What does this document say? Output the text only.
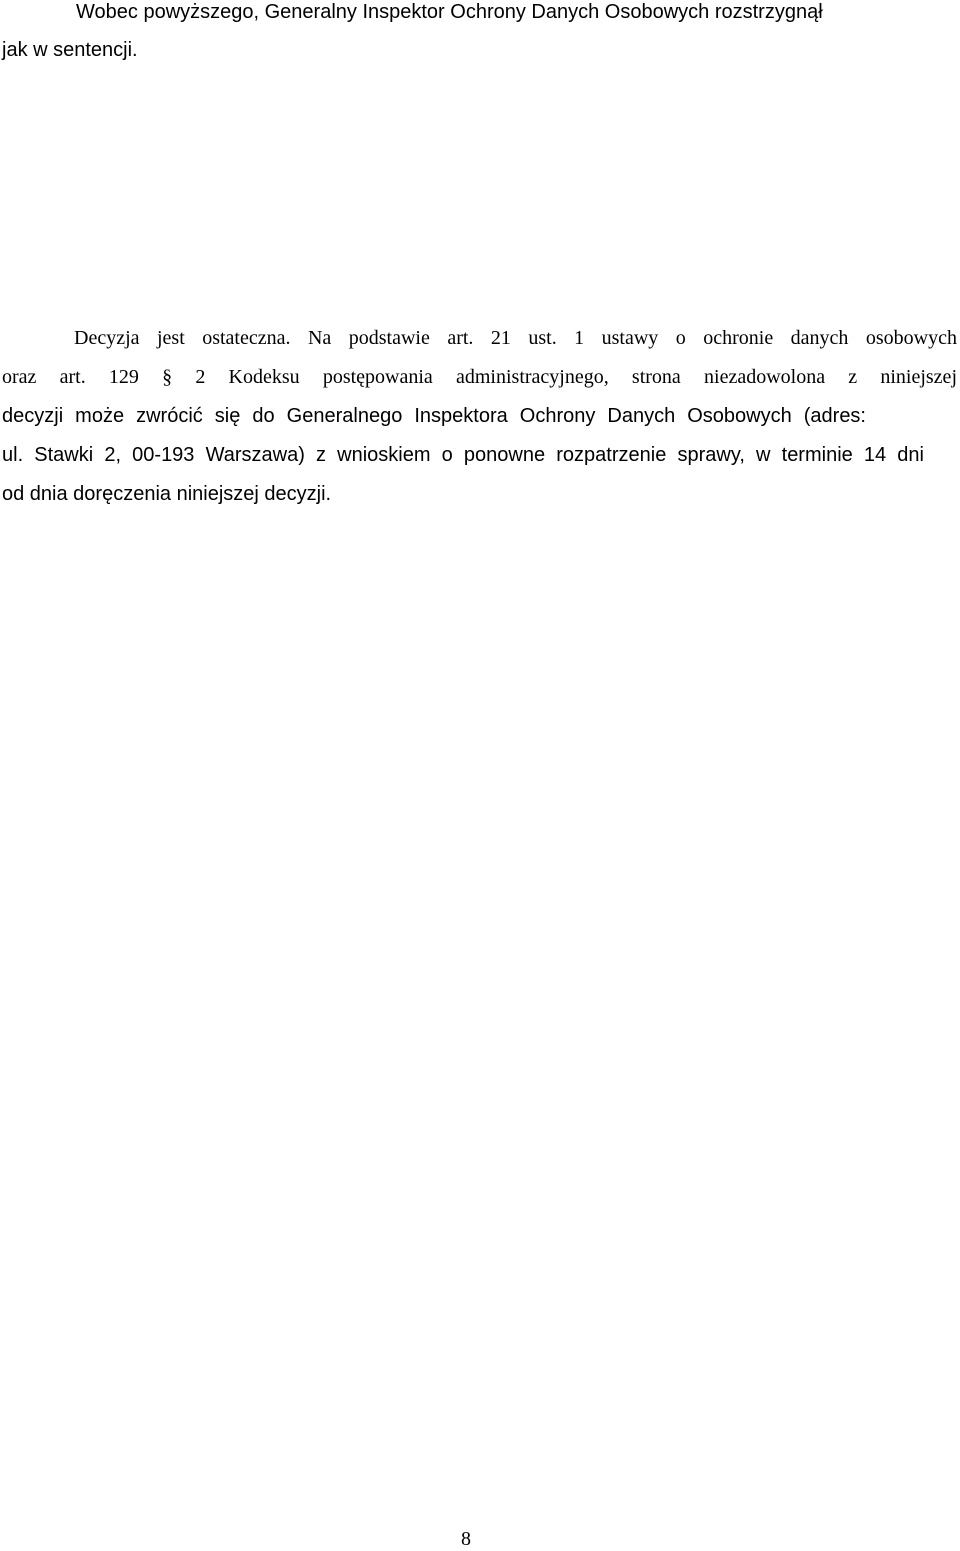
Wobec powyższego, Generalny Inspektor Ochrony Danych Osobowych rozstrzygnął
jak w sentencji.
Decyzja jest ostateczna. Na podstawie art. 21 ust. 1 ustawy o ochronie danych osobowych
oraz art. 129 § 2 Kodeksu postępowania administracyjnego, strona niezadowolona z niniejszej
decyzji może zwrócić się do Generalnego Inspektora Ochrony Danych Osobowych (adres:
ul. Stawki 2, 00-193 Warszawa) z wnioskiem o ponowne rozpatrzenie sprawy, w terminie 14 dni
od dnia doręczenia niniejszej decyzji.
8
